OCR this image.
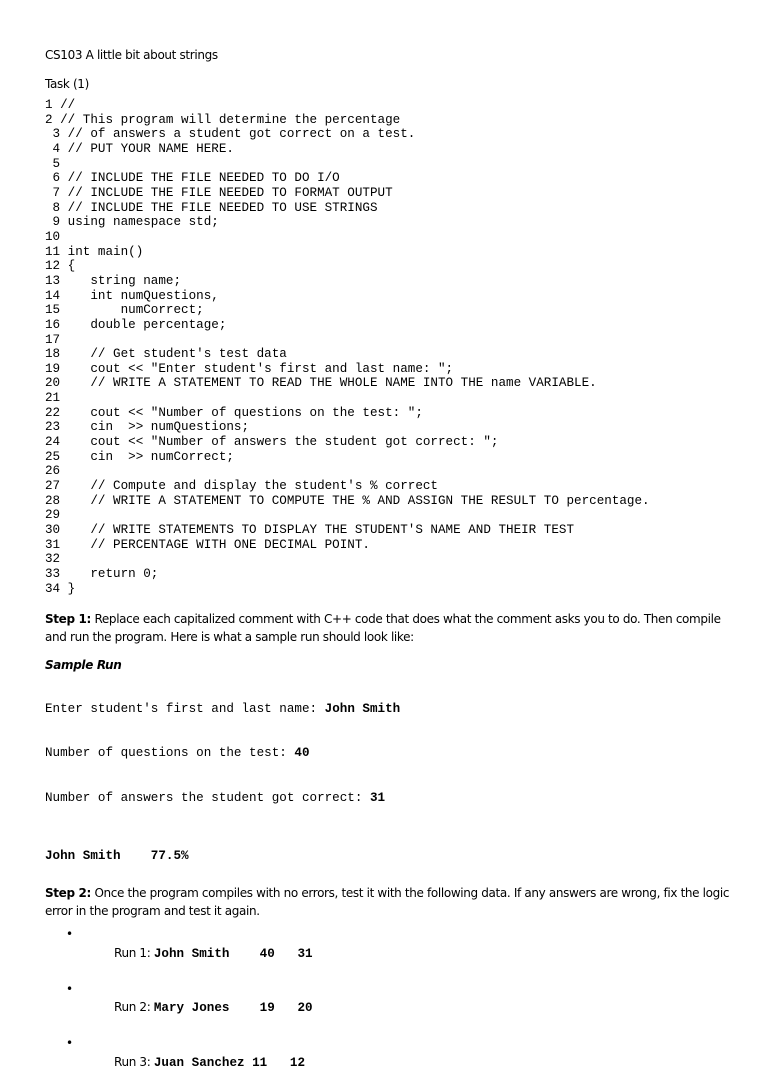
CS103 A little bit about strings
Task (1)
1 //
2 // This program will determine the percentage
3 // of answers a student got correct on a test.
4 // PUT YOUR NAME HERE.
5
6 // INCLUDE THE FILE NEEDED TO DO I/O
7 // INCLUDE THE FILE NEEDED TO FORMAT OUTPUT
8 // INCLUDE THE FILE NEEDED TO USE STRINGS
9 using namespace std;
10
11 int main()
12 {
13    string name;
14    int numQuestions,
15        numCorrect;
16    double percentage;
17
18    // Get student's test data
19    cout << "Enter student's first and last name: ";
20    // WRITE A STATEMENT TO READ THE WHOLE NAME INTO THE name VARIABLE.
21
22    cout << "Number of questions on the test: ";
23    cin  >> numQuestions;
24    cout << "Number of answers the student got correct: ";
25    cin  >> numCorrect;
26
27    // Compute and display the student's % correct
28    // WRITE A STATEMENT TO COMPUTE THE % AND ASSIGN THE RESULT TO percentage.
29
30    // WRITE STATEMENTS TO DISPLAY THE STUDENT'S NAME AND THEIR TEST
31    // PERCENTAGE WITH ONE DECIMAL POINT.
32
33    return 0;
34 }
Step 1: Replace each capitalized comment with C++ code that does what the comment asks you to do. Then compile and run the program. Here is what a sample run should look like:
Sample Run

Enter student's first and last name: John Smith

Number of questions on the test: 40

Number of answers the student got correct: 31

John Smith    77.5%
Step 2: Once the program compiles with no errors, test it with the following data. If any answers are wrong, fix the logic error in the program and test it again.

•
Run 1: John Smith    40   31

•
Run 2: Mary Jones    19   20

•
Run 3: Juan Sanchez 11   12
